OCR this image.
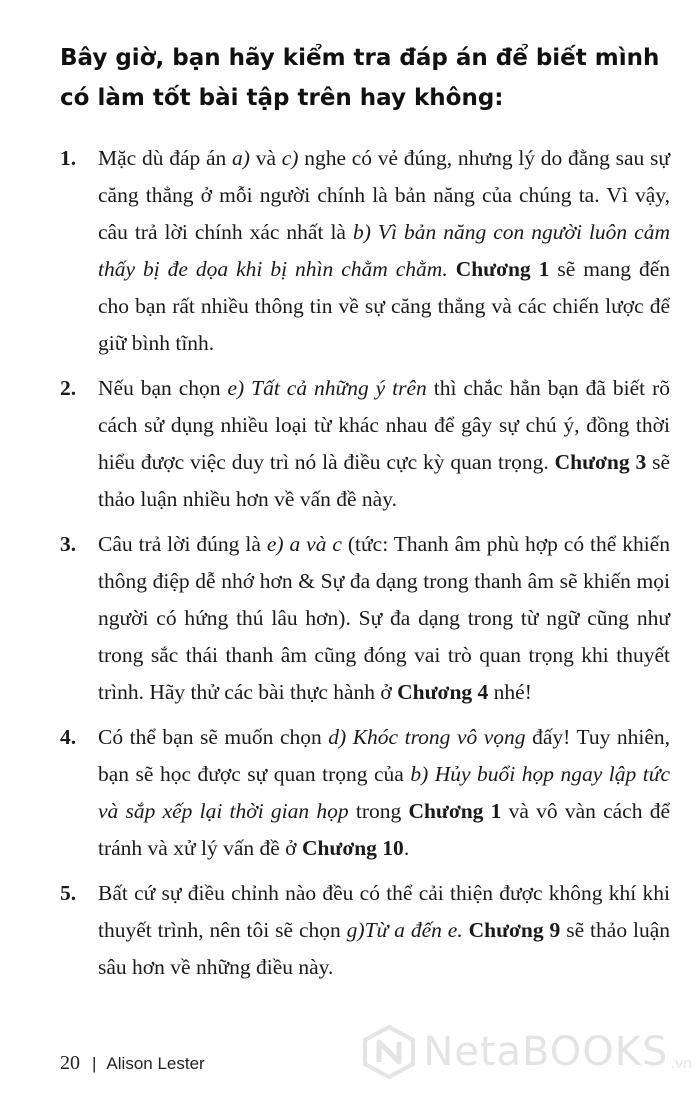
Bây giờ, bạn hãy kiểm tra đáp án để biết mình có làm tốt bài tập trên hay không:
1.	Mặc dù đáp án a) và c) nghe có vẻ đúng, nhưng lý do đằng sau sự căng thẳng ở mỗi người chính là bản năng của chúng ta. Vì vậy, câu trả lời chính xác nhất là b) Vì bản năng con người luôn cảm thấy bị đe dọa khi bị nhìn chằm chằm. Chương 1 sẽ mang đến cho bạn rất nhiều thông tin về sự căng thẳng và các chiến lược để giữ bình tĩnh.
2.	Nếu bạn chọn e) Tất cả những ý trên thì chắc hẳn bạn đã biết rõ cách sử dụng nhiều loại từ khác nhau để gây sự chú ý, đồng thời hiểu được việc duy trì nó là điều cực kỳ quan trọng. Chương 3 sẽ thảo luận nhiều hơn về vấn đề này.
3.	Câu trả lời đúng là e) a và c (tức: Thanh âm phù hợp có thể khiến thông điệp dễ nhớ hơn & Sự đa dạng trong thanh âm sẽ khiến mọi người có hứng thú lâu hơn). Sự đa dạng trong từ ngữ cũng như trong sắc thái thanh âm cũng đóng vai trò quan trọng khi thuyết trình. Hãy thử các bài thực hành ở Chương 4 nhé!
4.	Có thể bạn sẽ muốn chọn d) Khóc trong vô vọng đấy! Tuy nhiên, bạn sẽ học được sự quan trọng của b) Hủy buổi họp ngay lập tức và sắp xếp lại thời gian họp trong Chương 1 và vô vàn cách để tránh và xử lý vấn đề ở Chương 10.
5.	Bất cứ sự điều chỉnh nào đều có thể cải thiện được không khí khi thuyết trình, nên tôi sẽ chọn g)Từ a đến e. Chương 9 sẽ thảo luận sâu hơn về những điều này.
20 | Alison Lester	NetaBOOKS .vn
